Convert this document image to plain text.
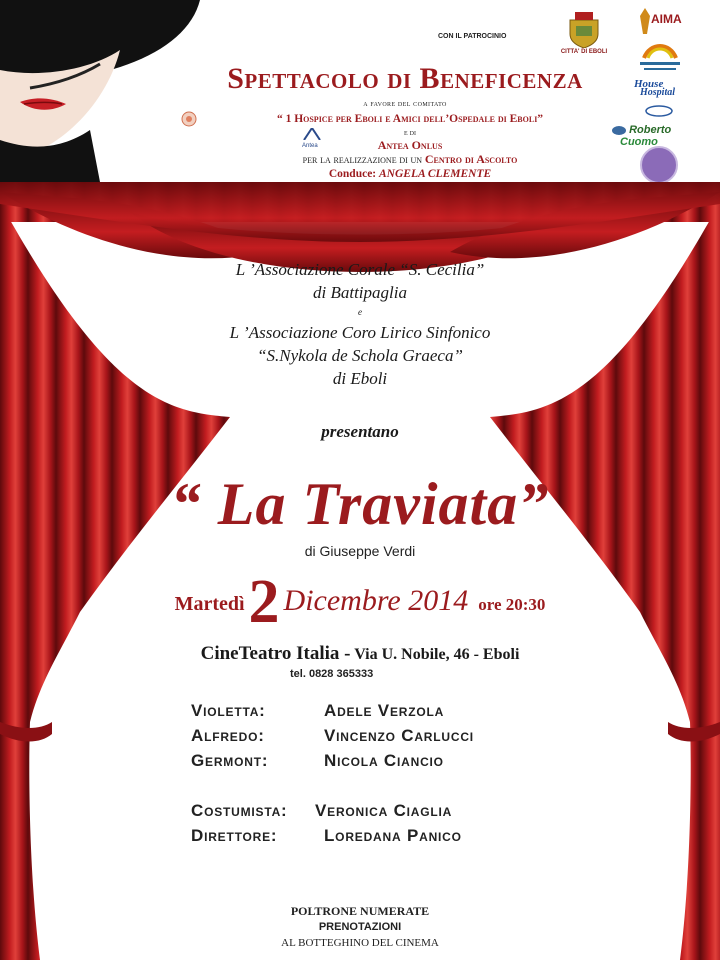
CON IL PATROCINIO
CITTA' DI EBOLI
AIMA
House
Hospital
Roberto Cuomo
Antea
Spettacolo di Beneficenza
a favore del comitato
“ 1 Hospice per Eboli e Amici dell’Ospedale di Eboli”
e di
Antea Onlus
per la realizzazione di un Centro di Ascolto
Conduce: ANGELA CLEMENTE
L ’Associazione Corale “S. Cecilia”
di Battipaglia
e
L ’Associazione Coro Lirico Sinfonico
“S.Nykola de Schola Graeca”
di Eboli
presentano
“ La Traviata”
di Giuseppe Verdi
Martedì 2 Dicembre 2014 ore 20:30
CineTeatro Italia - Via U. Nobile, 46 - Eboli
tel. 0828 365333
Violetta:	Adele Verzola
Alfredo:	Vincenzo Carlucci
Germont:	Nicola Ciancio
Costumista: Veronica Ciaglia
Direttore:	Loredana Panico
POLTRONE NUMERATE
PRENOTAZIONI
AL BOTTEGHINO DEL CINEMA
